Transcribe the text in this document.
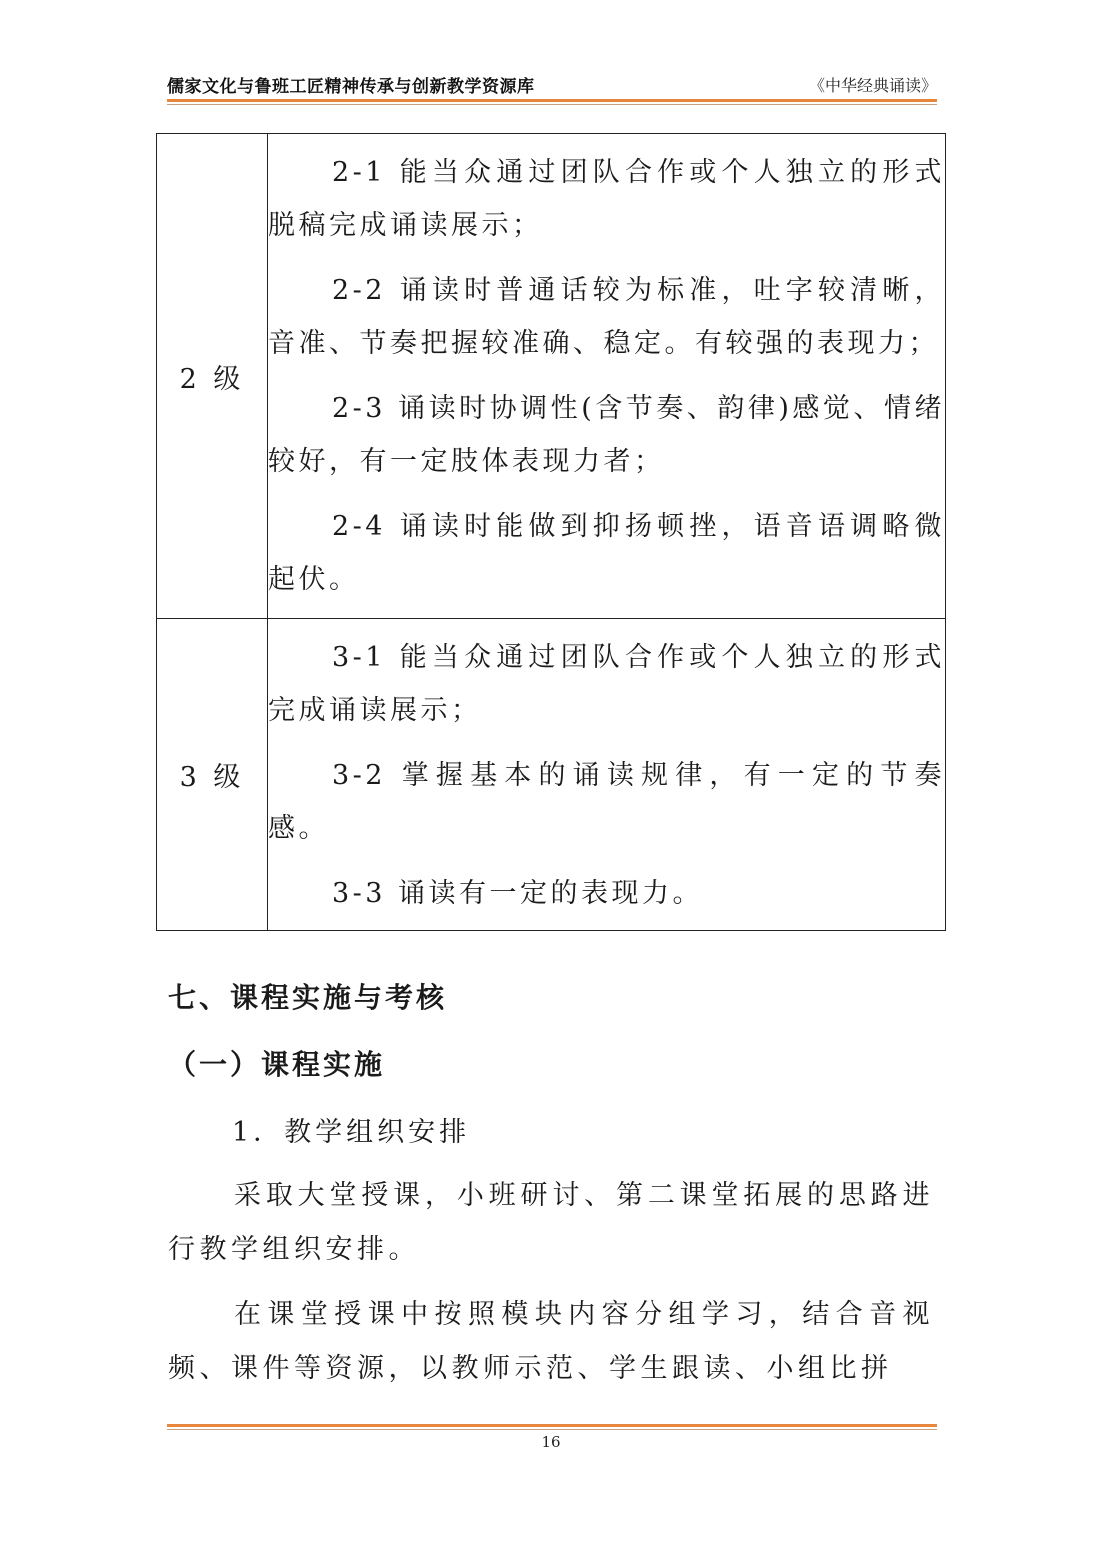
儒家文化与鲁班工匠精神传承与创新教学资源库	《中华经典诵读》
2 级	2-1 能当众通过团队合作或个人独立的形式脱稿完成诵读展示；

2-2 诵读时普通话较为标准，吐字较清晰，音准、节奏把握较准确、稳定。有较强的表现力；

2-3 诵读时协调性(含节奏、韵律)感觉、情绪较好，有一定肢体表现力者；

2-4 诵读时能做到抑扬顿挫，语音语调略微起伏。

3 级	3-1 能当众通过团队合作或个人独立的形式完成诵读展示；

3-2 掌握基本的诵读规律，有一定的节奏感。

3-3 诵读有一定的表现力。

七、课程实施与考核
（一）课程实施
1．教学组织安排

采取大堂授课，小班研讨、第二课堂拓展的思路进行教学组织安排。

在课堂授课中按照模块内容分组学习，结合音视频、课件等资源，以教师示范、学生跟读、小组比拼

16
